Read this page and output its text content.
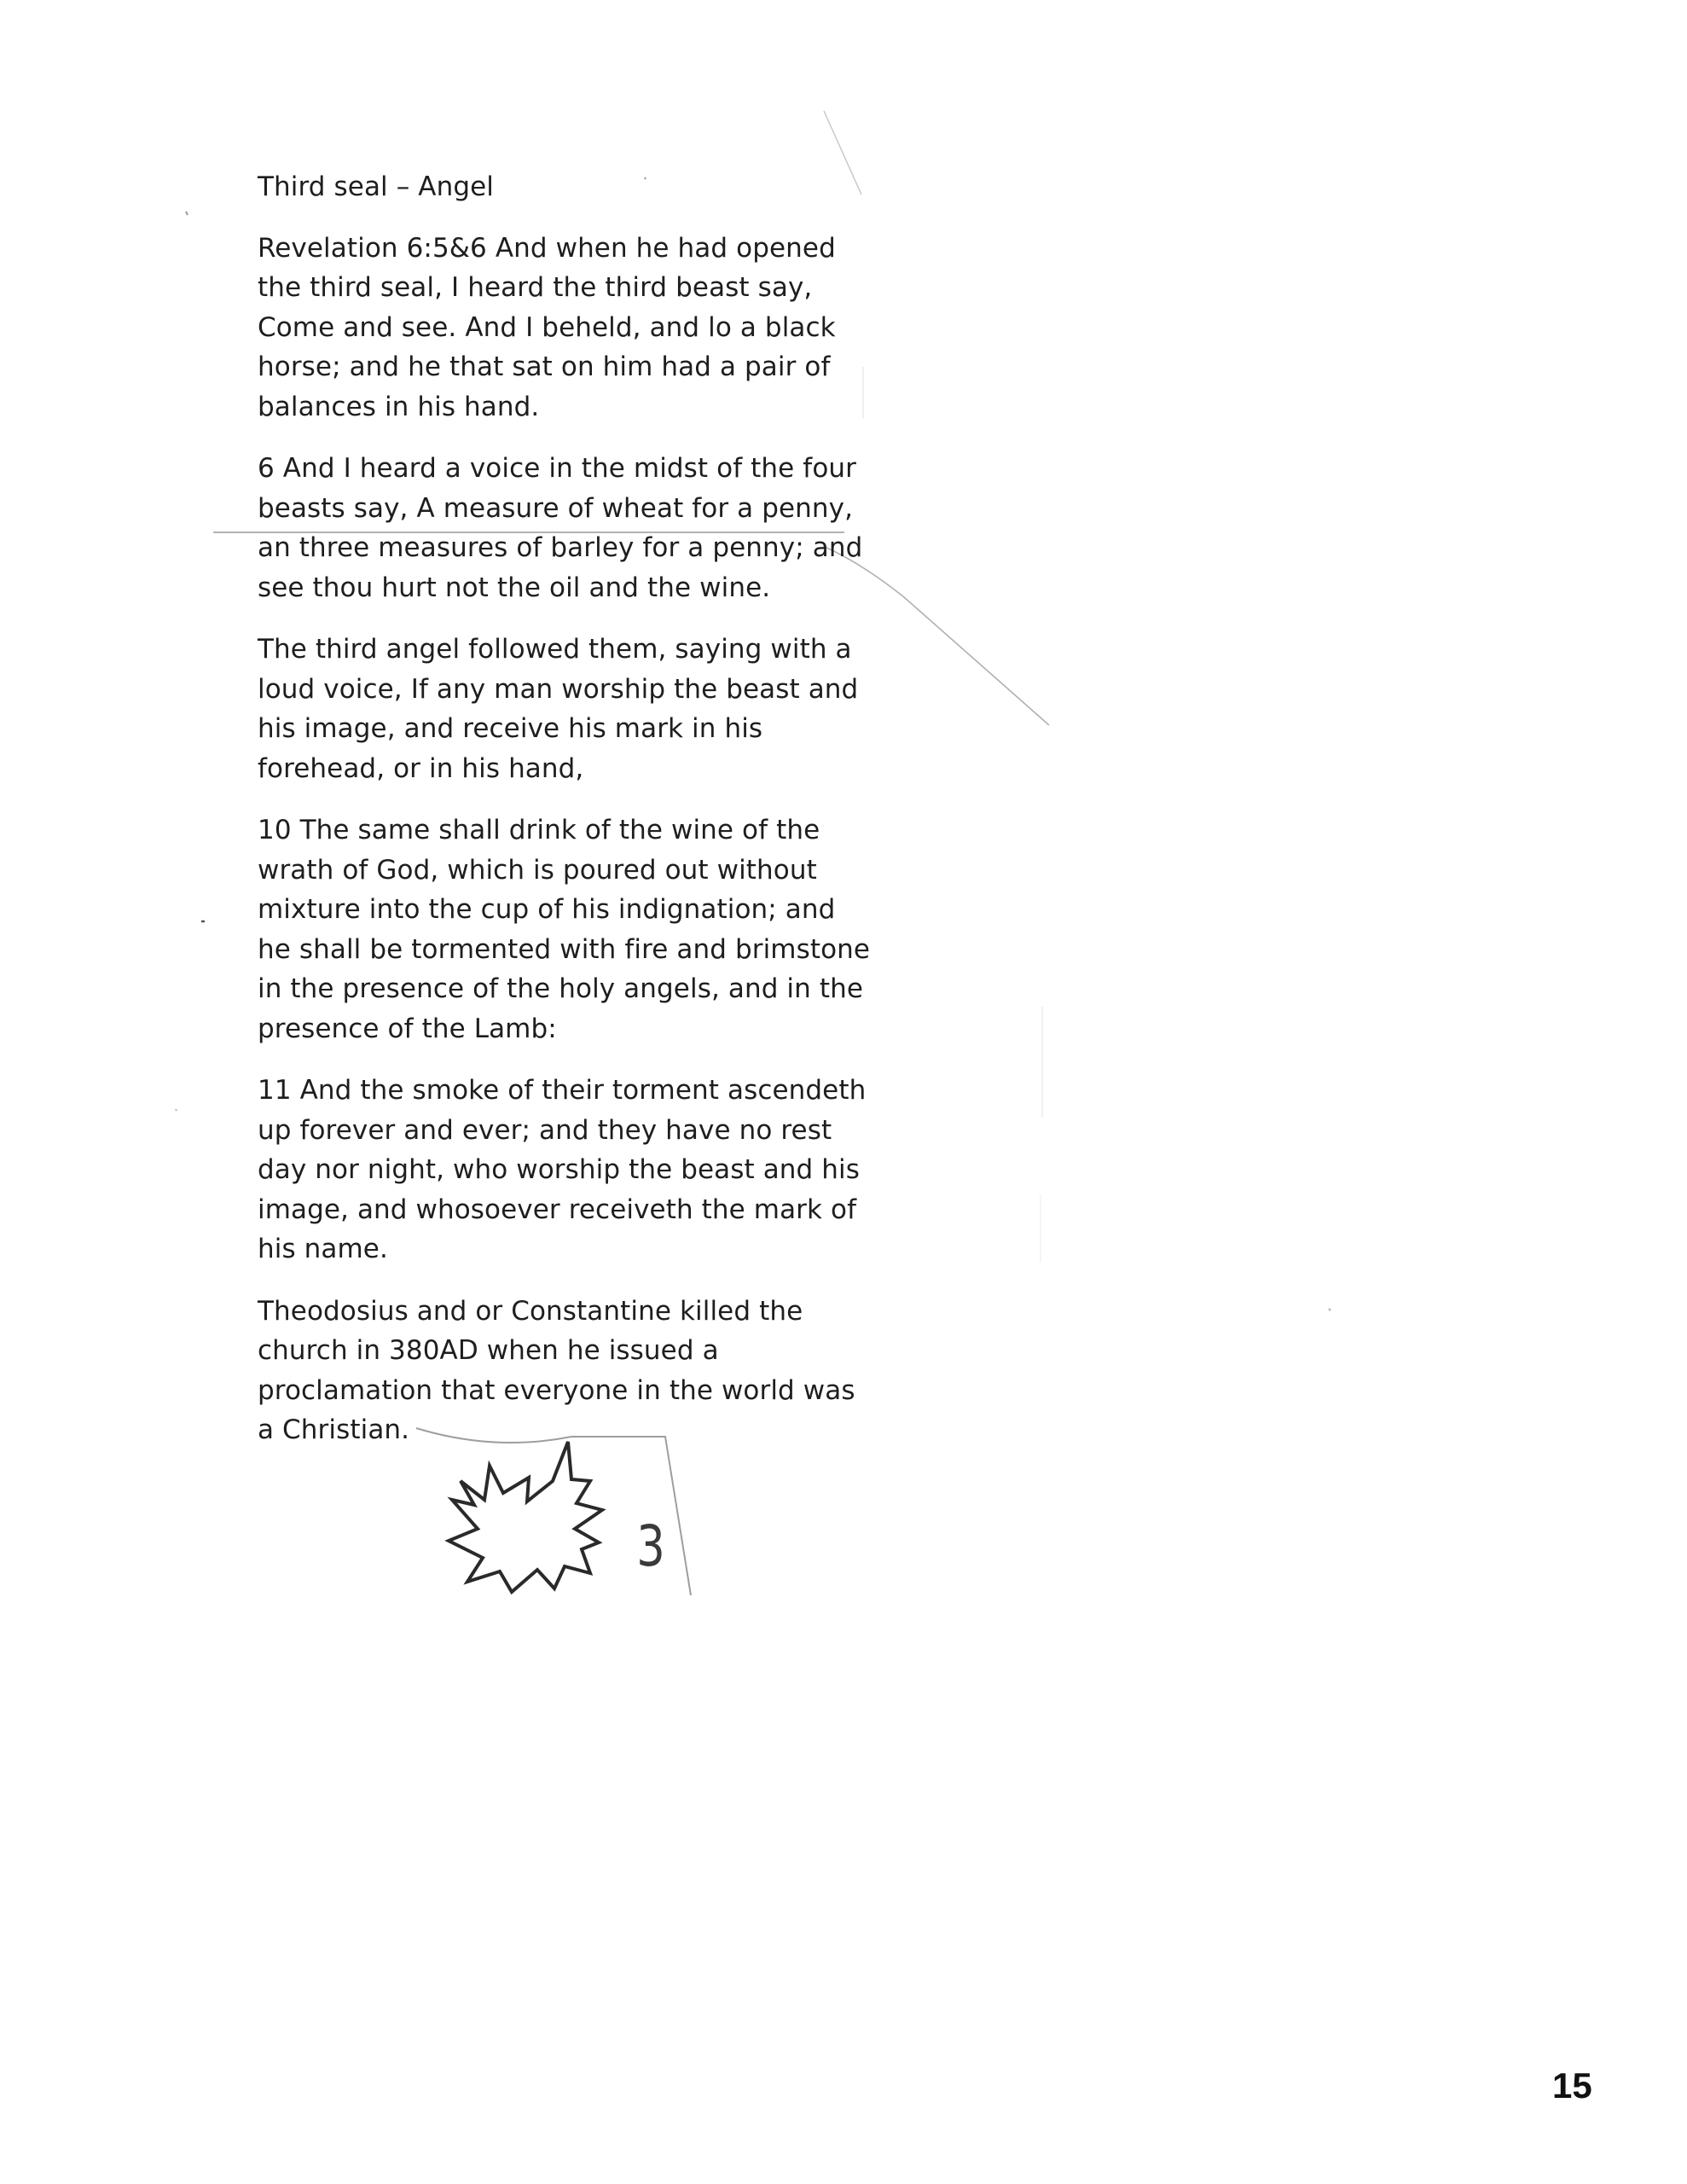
Third seal – Angel

Revelation 6:5&6 And when he had opened the third seal, I heard the third beast say, Come and see. And I beheld, and lo a black horse; and he that sat on him had a pair of balances in his hand.

6 And I heard a voice in the midst of the four beasts say, A measure of wheat for a penny, an three measures of barley for a penny; and see thou hurt not the oil and the wine.

The third angel followed them, saying with a loud voice, If any man worship the beast and his image, and receive his mark in his forehead, or in his hand,

10 The same shall drink of the wine of the wrath of God, which is poured out without mixture into the cup of his indignation; and he shall be tormented with fire and brimstone in the presence of the holy angels, and in the presence of the Lamb:

11 And the smoke of their torment ascendeth up forever and ever; and they have no rest day nor night, who worship the beast and his image, and whosoever receiveth the mark of his name.

Theodosius and or Constantine killed the church in 380AD when he issued a proclamation that everyone in the world was a Christian.

3
15
